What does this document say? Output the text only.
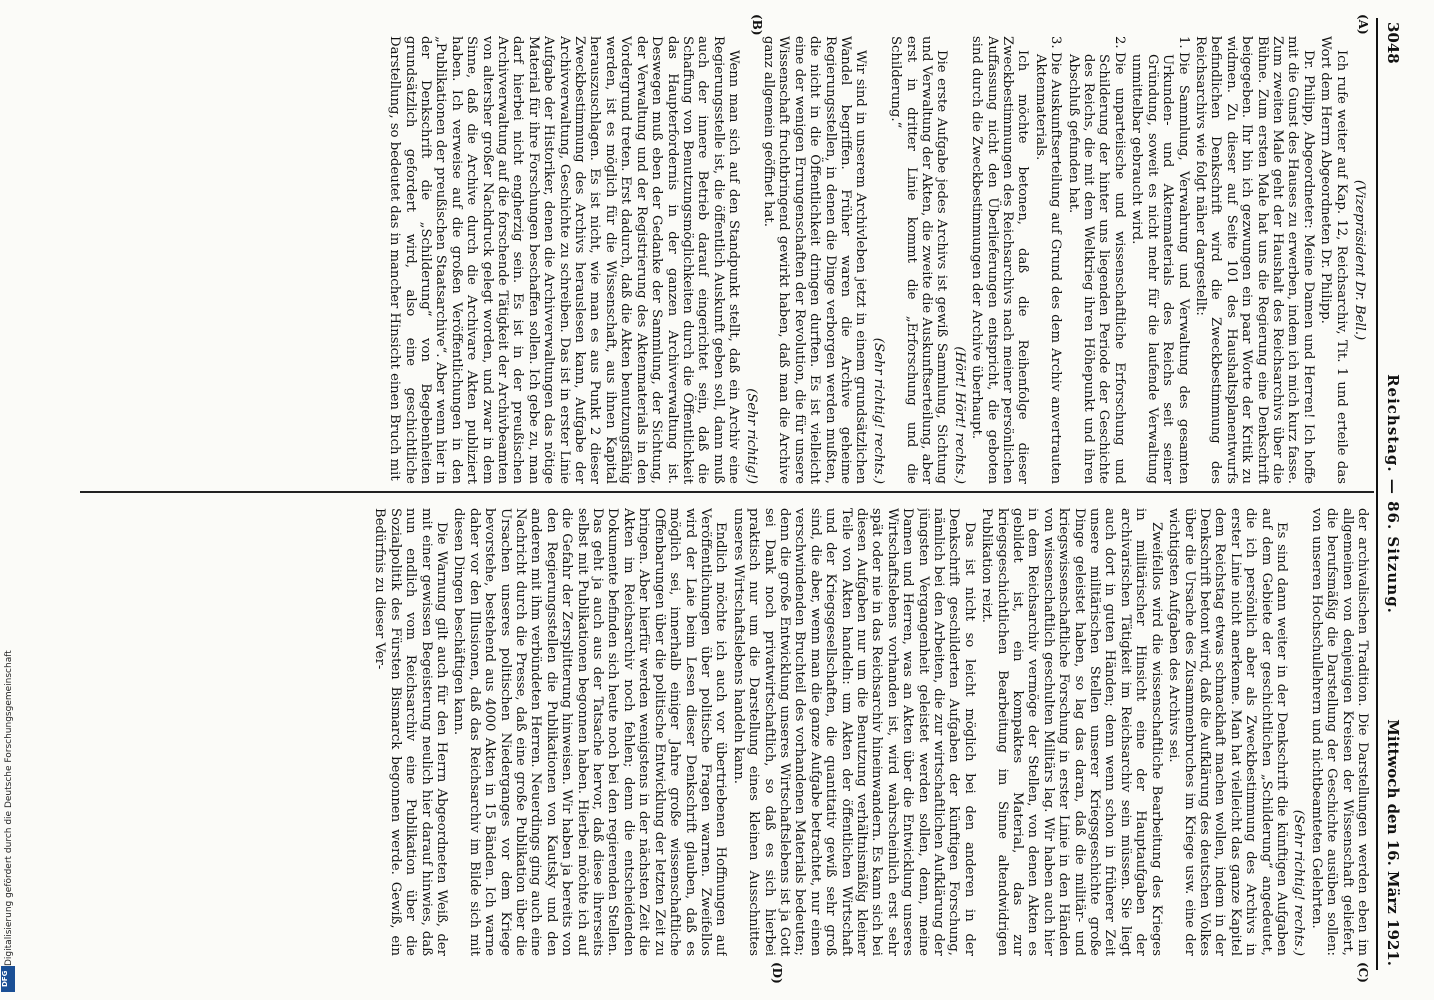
3048
Reichstag. — 86. Sitzung.
Mittwoch den 16. März 1921.
(A)
(B)
(C)
(D)

(Vizepräsident Dr. Bell.)

Ich rufe weiter auf Kap. 12, Reichsarchiv, Tit. 1 und erteile das Wort dem Herrn Abgeordneten Dr. Philipp.

Dr. Philipp, Abgeordneter: Meine Damen und Herren! Ich hoffe mit die Gunst des Hauses zu erwerben, indem ich mich kurz fasse. Zum zweiten Male geht der Haushalt des Reichsarchivs über die Bühne. Zum ersten Male hat uns die Regierung eine Denkschrift beigegeben. Ihr bin ich gezwungen ein paar Worte der Kritik zu widmen. Zu dieser auf Seite 101 des Haushaltsplanentwurfs befindlichen Denkschrift wird die Zweckbestimmung des Reichsarchivs wie folgt näher dargestellt:

1.Die Sammlung, Verwahrung und Verwaltung des gesamten Urkunden- und Aktenmaterials des Reichs seit seiner Gründung, soweit es nicht mehr für die laufende Verwaltung unmittelbar gebraucht wird.

2.Die unparteiische und wissenschaftliche Erforschung und Schilderung der hinter uns liegenden Periode der Geschichte des Reichs, die mit dem Weltkrieg ihren Höhepunkt und ihren Abschluß gefunden hat.

3.Die Auskunftserteilung auf Grund des dem Archiv anvertrauten Aktenmaterials.

Ich möchte betonen, daß die Reihenfolge dieser Zweckbestimmungen des Reichsarchivs nach meiner persönlichen Auffassung nicht den Überlieferungen entspricht, die geboten sind durch die Zweckbestimmungen der Archive überhaupt.

(Hört! Hört! rechts.)

Die erste Aufgabe jedes Archivs ist gewiß Sammlung, Sichtung und Verwaltung der Akten, die zweite die Auskunftserteilung, aber erst in dritter Linie kommt die „Erforschung und die Schilderung.“

(Sehr richtig! rechts.)

Wir sind in unserem Archivleben jetzt in einem grundsätzlichen Wandel begriffen. Früher waren die Archive geheime Regierungsstellen, in denen die Dinge verborgen werden mußten, die nicht in die Öffentlichkeit dringen durften. Es ist vielleicht eine der wenigen Errungenschaften der Revolution, die für unsere Wissenschaft fruchtbringend gewirkt haben, daß man die Archive ganz allgemein geöffnet hat.

(Sehr richtig!)

Wenn man sich auf den Standpunkt stellt, daß ein Archiv eine Regierungsstelle ist, die öffentlich Auskunft geben soll, dann muß auch der innere Betrieb darauf eingerichtet sein, daß die Schaffung von Benutzungsmöglichkeiten durch die Öffentlichkeit das Haupterfordernis in der ganzen Archivverwaltung ist. Deswegen muß eben der Gedanke der Sammlung, der Sichtung, der Verwaltung und der Registrierung des Aktenmaterials in den Vordergrund treten. Erst dadurch, daß die Akten benutzungsfähig werden, ist es möglich für die Wissenschaft, aus ihnen Kapital herauszuschlagen. Es ist nicht, wie man es aus Punkt 2 dieser Zweckbestimmung des Archivs herauslesen kann, Aufgabe der Archivverwaltung, Geschichte zu schreiben. Das ist in erster Linie Aufgabe der Historiker, denen die Archivverwaltungen das nötige Material für ihre Forschungen beschaffen sollen. Ich gebe zu, man darf hierbei nicht engherzig sein. Es ist in der preußischen Archivverwaltung auf die forschende Tätigkeit der Archivbeamten von altersher großer Nachdruck gelegt worden, und zwar in dem Sinne, daß die Archive durch die Archivare Akten publiziert haben. Ich verweise auf die großen Veröffentlichungen in den „Publikationen der preußischen Staatsarchive“. Aber wenn hier in der Denkschrift die „Schilderung“ von Begebenheiten grundsätzlich gefordert wird, also eine geschichtliche Darstellung, so bedeutet das in mancher Hinsicht einen Bruch mit

der archivalischen Tradition. Die Darstellungen werden eben im allgemeinen von denjenigen Kreisen der Wissenschaft geliefert, die berufsmäßig die Darstellung der Geschichte ausüben sollen: von unseren Hochschullehrern und nichtbeamteten Gelehrten.

(Sehr richtig! rechts.)

Es sind dann weiter in der Denkschrift die künftigen Aufgaben auf dem Gebiete der geschichtlichen „Schilderung“ angedeutet, die ich persönlich aber als Zweckbestimmung des Archivs in erster Linie nicht anerkenne. Man hat vielleicht das ganze Kapitel dem Reichstag etwas schmackhaft machen wollen, indem in der Denkschrift betont wird, daß die Aufklärung des deutschen Volkes über die Ursache des Zusammenbruches im Kriege usw. eine der wichtigsten Aufgaben des Archivs sei.

Zweifellos wird die wissenschaftliche Bearbeitung des Krieges in militärischer Hinsicht eine der Hauptaufgaben der archivarischen Tätigkeit im Reichsarchiv sein müssen. Sie liegt auch dort in guten Händen; denn wenn schon in früherer Zeit unsere militärischen Stellen unserer Kriegsgeschichte große Dinge geleistet haben, so lag das daran, daß die militär- und kriegswissenschaftliche Forschung in erster Linie in den Händen von wissenschaftlich geschulten Militärs lag. Wir haben auch hier in dem Reichsarchiv vermöge der Stellen, von denen Akten es gebildet ist, ein kompaktes Material, das zur kriegsgeschichtlichen Bearbeitung im Sinne altendwidrigen Publikation reizt.

Das ist nicht so leicht möglich bei den anderen in der Denkschrift geschilderten Aufgaben der künftigen Forschung, nämlich bei den Arbeiten, die zur wirtschaftlichen Aufklärung der jüngsten Vergangenheit geleistet werden sollen, denn, meine Damen und Herren, was an Akten über die Entwicklung unseres Wirtschaftslebens vorhanden ist, wird wahrscheinlich erst sehr spät oder nie in das Reichsarchiv hineinwandern. Es kann sich bei diesen Aufgaben nur um die Benutzung verhältnismäßig kleiner Teile von Akten handeln: um Akten der öffentlichen Wirtschaft und der Kriegsgesellschaften, die quantitativ gewiß sehr groß sind, die aber, wenn man die ganze Aufgabe betrachtet, nur einen verschwindenden Bruchteil des vorhandenen Materials bedeuten; denn die große Entwicklung unseres Wirtschaftslebens ist ja Gott sei Dank noch privatwirtschaftlich, so daß es sich hierbei praktisch nur um die Darstellung eines kleinen Ausschnittes unseres Wirtschaftslebens handeln kann.

Endlich möchte ich auch vor übertriebenen Hoffnungen auf Veröffentlichungen über politische Fragen warnen. Zweifellos wird der Laie beim Lesen dieser Denkschrift glauben, daß es möglich sei, innerhalb einiger Jahre große wissenschaftliche Offenbarungen über die politische Entwicklung der letzten Zeit zu bringen. Aber hierfür werden wenigstens in der nächsten Zeit die Akten im Reichsarchiv noch fehlen; denn die entscheidenden Dokumente befinden sich heute noch bei den regierenden Stellen. Das geht ja auch aus der Tatsache hervor, daß diese ihrerseits selbst mit Publikationen begonnen haben. Hierbei möchte ich auf die Gefahr der Zersplitterung hinweisen. Wir haben ja bereits von den Regierungsstellen die Publikationen von Kautsky und den anderen mit ihm verbündeten Herren. Neuerdings ging auch eine Nachricht durch die Presse, daß eine große Publikation über die Ursachen unseres politischen Niederganges vor dem Kriege bevorstehe, bestehend aus 4000 Akten in 15 Bänden. Ich warne daher vor den Illusionen, daß das Reichsarchiv im Bilde sich mit diesen Dingen beschäftigen kann.

Die Warnung gilt auch für den Herrn Abgeordneten Weiß, der mit einer gewissen Begeisterung neulich hier darauf hinwies, daß nun endlich vom Reichsarchiv eine Publikation über die Sozialpolitik des Fürsten Bismarck begonnen werde. Gewiß, ein Bedürfnis zu dieser Ver-

Digitalisierung gefördert durch die Deutsche Forschungsgemeinschaft
DFG
